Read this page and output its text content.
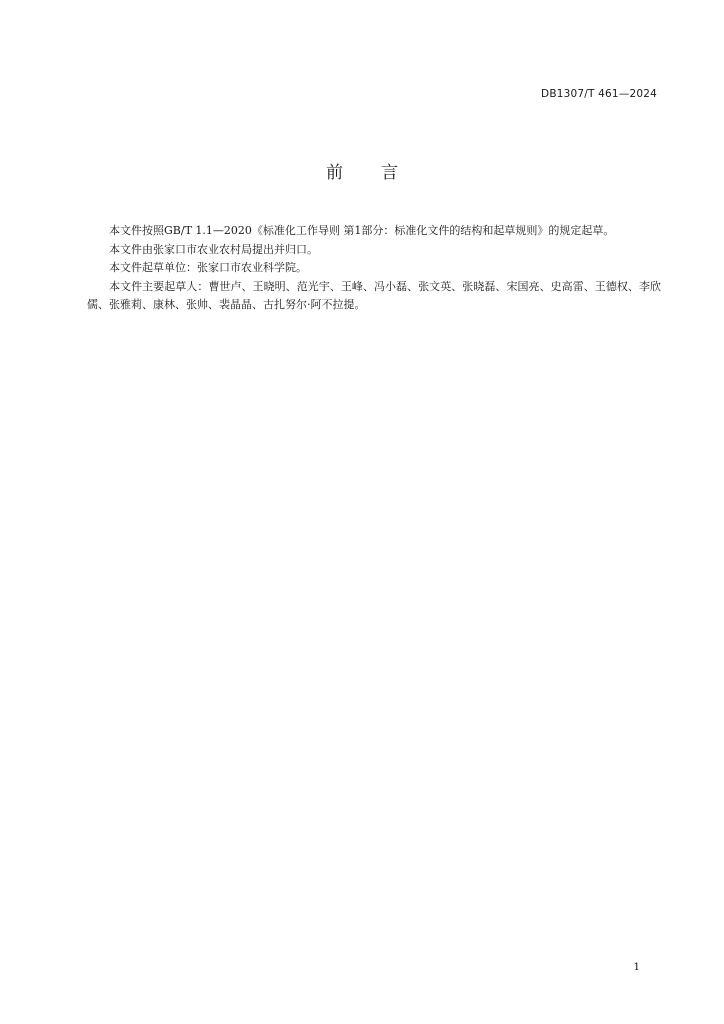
DB1307/T 461—2024
前 言

本文件按照GB/T 1.1—2020《标准化工作导则 第1部分：标准化文件的结构和起草规则》的规定起草。

本文件由张家口市农业农村局提出并归口。

本文件起草单位：张家口市农业科学院。

本文件主要起草人：曹世卢、王晓明、范光宇、王峰、冯小磊、张文英、张晓磊、宋国亮、史高雷、王德权、李欣儒、张雅莉、康林、张帅、裴晶晶、古扎努尔·阿不拉提。

1
